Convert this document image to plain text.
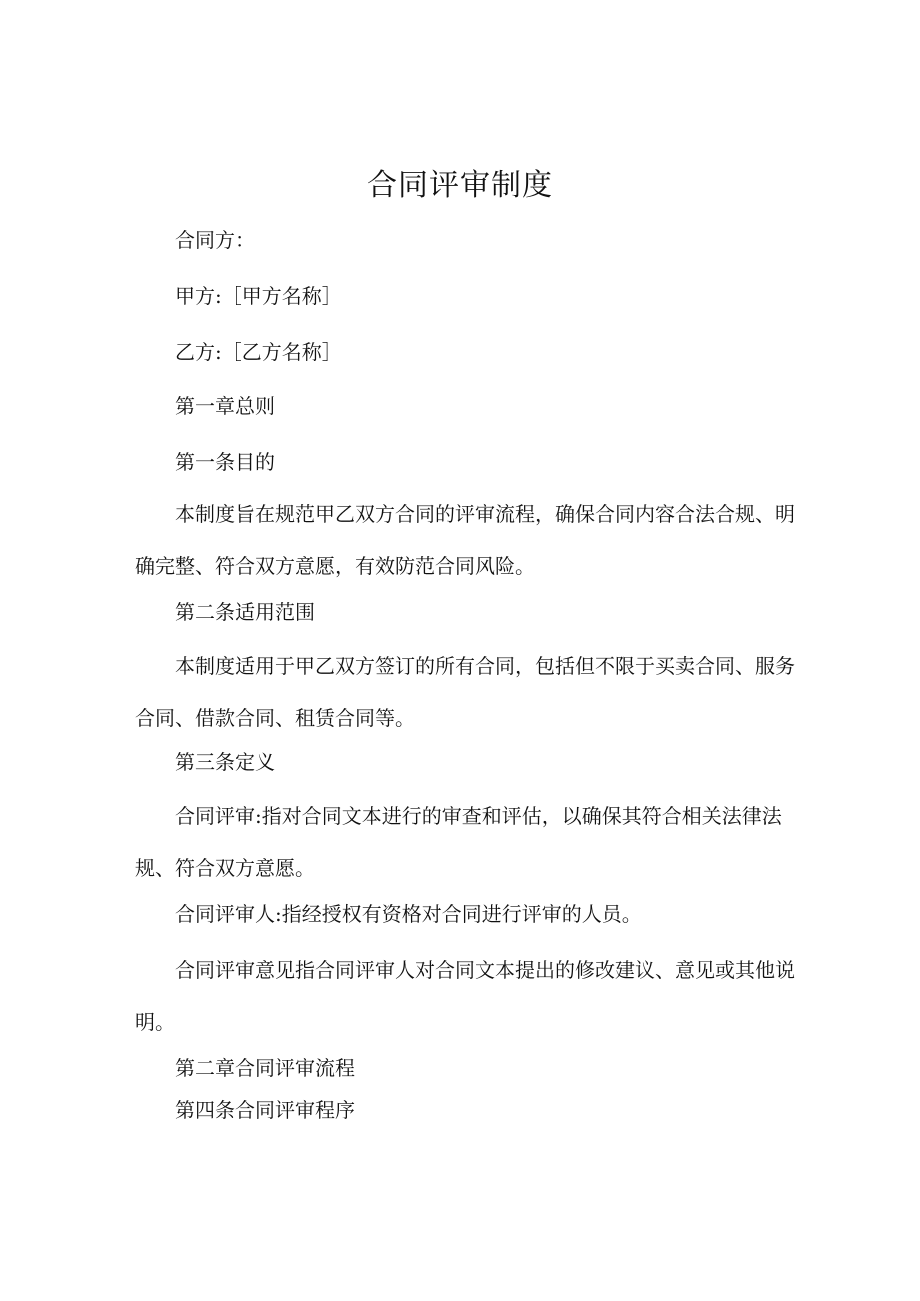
合同评审制度

合同方：

甲方:［甲方名称］

乙方:［乙方名称］

第一章总则

第一条目的

本制度旨在规范甲乙双方合同的评审流程，确保合同内容合法合规、明确完整、符合双方意愿，有效防范合同风险。

第二条适用范围

本制度适用于甲乙双方签订的所有合同，包括但不限于买卖合同、服务合同、借款合同、租赁合同等。

第三条定义

合同评审:指对合同文本进行的审查和评估，以确保其符合相关法律法规、符合双方意愿。

合同评审人:指经授权有资格对合同进行评审的人员。

合同评审意见指合同评审人对合同文本提出的修改建议、意见或其他说明。

第二章合同评审流程

第四条合同评审程序
